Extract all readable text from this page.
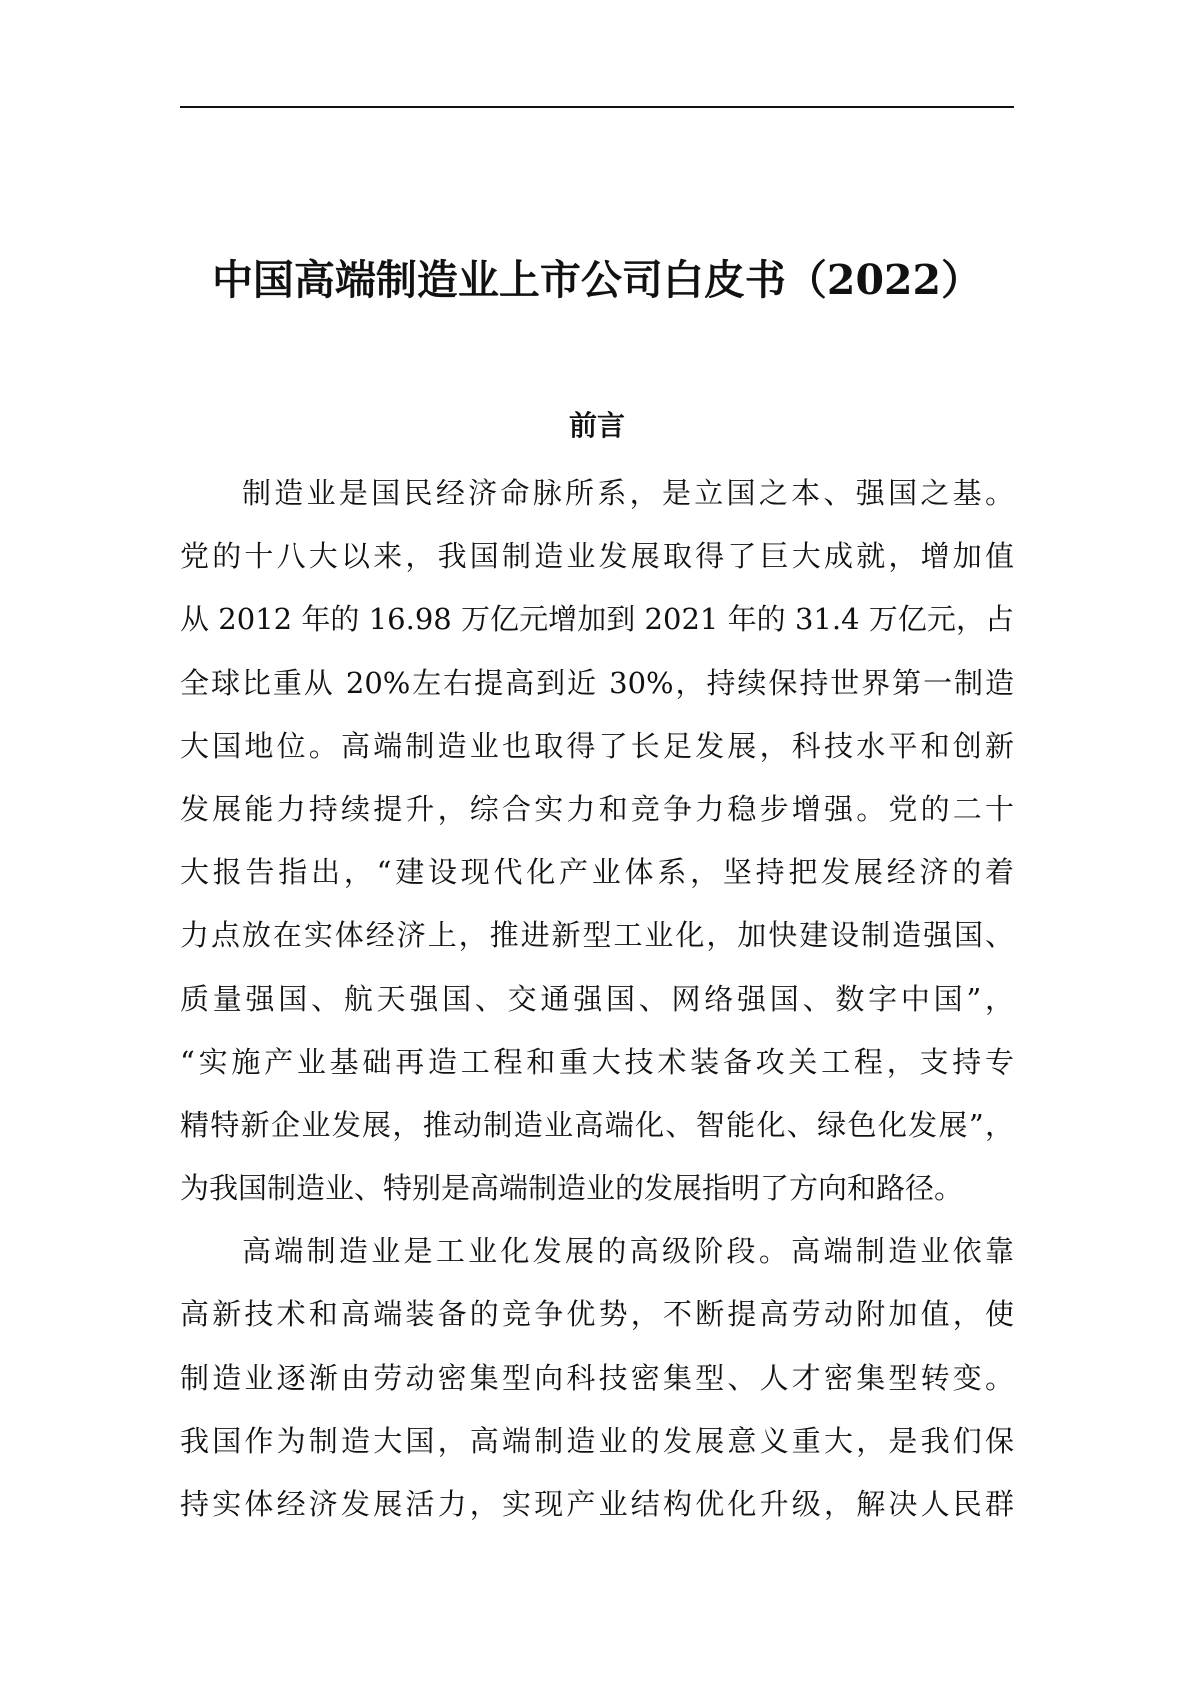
中国高端制造业上市公司白皮书（2022）
前言
制造业是国民经济命脉所系，是立国之本、强国之基。
党的十八大以来，我国制造业发展取得了巨大成就，增加值
从 2012 年的 16.98 万亿元增加到 2021 年的 31.4 万亿元，占
全球比重从 20%左右提高到近 30%，持续保持世界第一制造
大国地位。高端制造业也取得了长足发展，科技水平和创新
发展能力持续提升，综合实力和竞争力稳步增强。党的二十
大报告指出，“建设现代化产业体系，坚持把发展经济的着
力点放在实体经济上，推进新型工业化，加快建设制造强国、
质量强国、航天强国、交通强国、网络强国、数字中国”，
“实施产业基础再造工程和重大技术装备攻关工程，支持专
精特新企业发展，推动制造业高端化、智能化、绿色化发展”，
为我国制造业、特别是高端制造业的发展指明了方向和路径。
高端制造业是工业化发展的高级阶段。高端制造业依靠
高新技术和高端装备的竞争优势，不断提高劳动附加值，使
制造业逐渐由劳动密集型向科技密集型、人才密集型转变。
我国作为制造大国，高端制造业的发展意义重大，是我们保
持实体经济发展活力，实现产业结构优化升级，解决人民群
